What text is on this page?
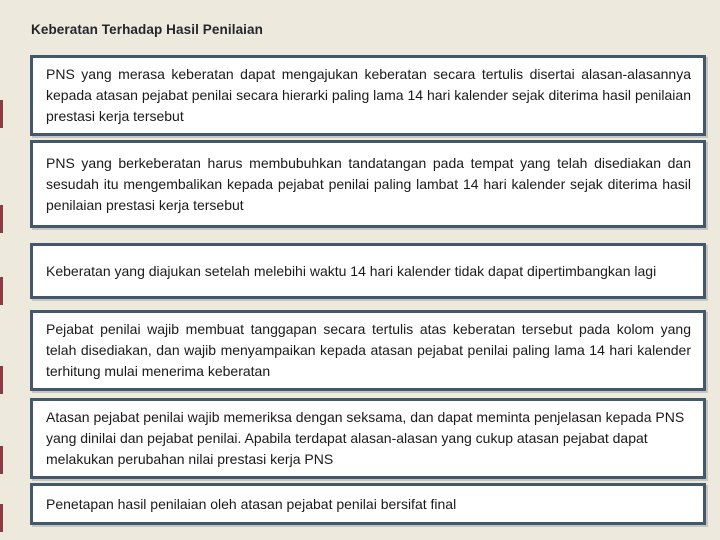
Keberatan Terhadap Hasil Penilaian
PNS yang merasa keberatan dapat mengajukan keberatan secara tertulis disertai alasan-alasannya kepada atasan pejabat penilai secara hierarki paling lama 14 hari kalender sejak diterima hasil penilaian prestasi kerja tersebut
PNS yang berkeberatan harus membubuhkan tandatangan pada tempat yang telah disediakan dan sesudah itu mengembalikan kepada pejabat penilai paling lambat 14 hari kalender sejak diterima hasil penilaian prestasi kerja tersebut
Keberatan yang diajukan setelah melebihi waktu 14 hari kalender tidak dapat dipertimbangkan lagi
Pejabat penilai wajib membuat tanggapan secara tertulis atas keberatan tersebut pada kolom yang telah disediakan, dan wajib menyampaikan kepada atasan pejabat penilai paling lama 14 hari kalender terhitung mulai menerima keberatan
Atasan pejabat penilai wajib memeriksa dengan seksama, dan dapat meminta penjelasan kepada PNS yang dinilai dan pejabat penilai. Apabila terdapat alasan-alasan yang cukup atasan pejabat dapat melakukan perubahan nilai prestasi kerja PNS
Penetapan hasil penilaian oleh atasan pejabat penilai bersifat final
